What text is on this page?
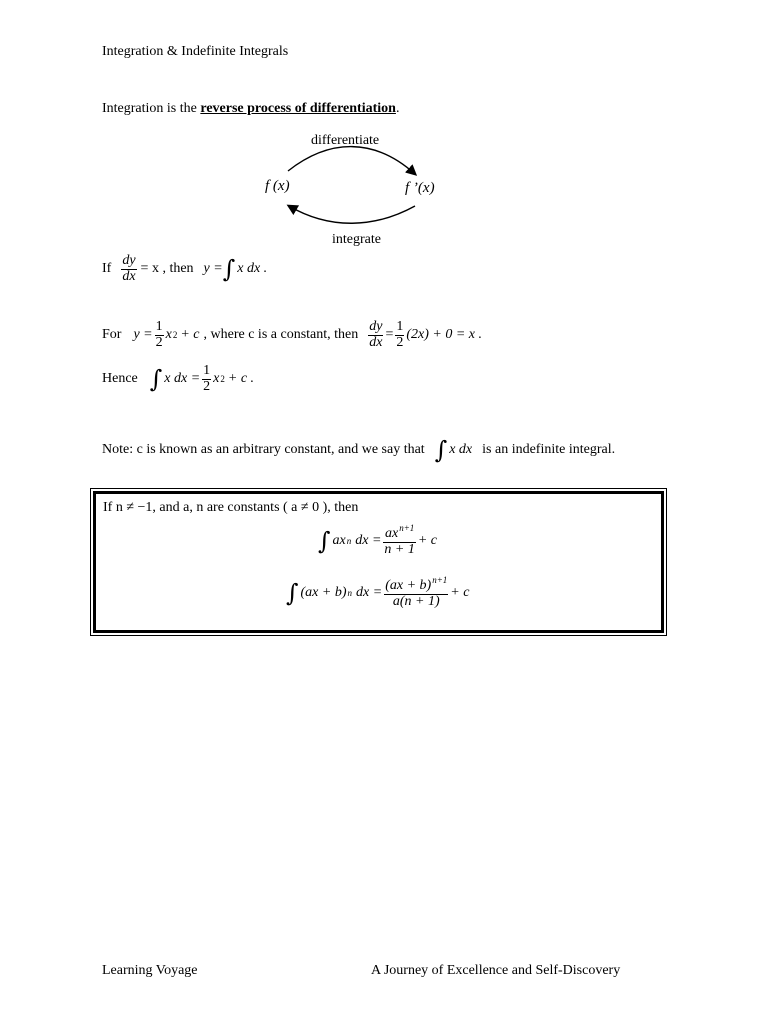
Integration & Indefinite Integrals
Integration is the reverse process of differentiation.
differentiate
f (x)	f ’(x)
integrate
If $\frac{dy}{dx} = x$ , then y = ∫ x dx .
For $y = \frac{1}{2}$ x 2 + c , where c is a constant, then $\frac{dy}{dx} = \frac{1}{2} (2x) + 0 = x$ .
Hence ∫ x dx = $\frac{1}{2}$ x 2 + c .
Note: c is known as an arbitrary constant, and we say that ∫ x dx is an indefinite integral.
If n ≠ −1, and a, n are constants ( a ≠ 0 ), then
∫ ax n dx = $\frac{ax^{n+1}}{n + 1} + c$
∫ (ax + b) n dx = $\frac{(ax + b)^{n+1}}{a(n + 1)} + c$
Learning Voyage	A Journey of Excellence and Self-Discovery
